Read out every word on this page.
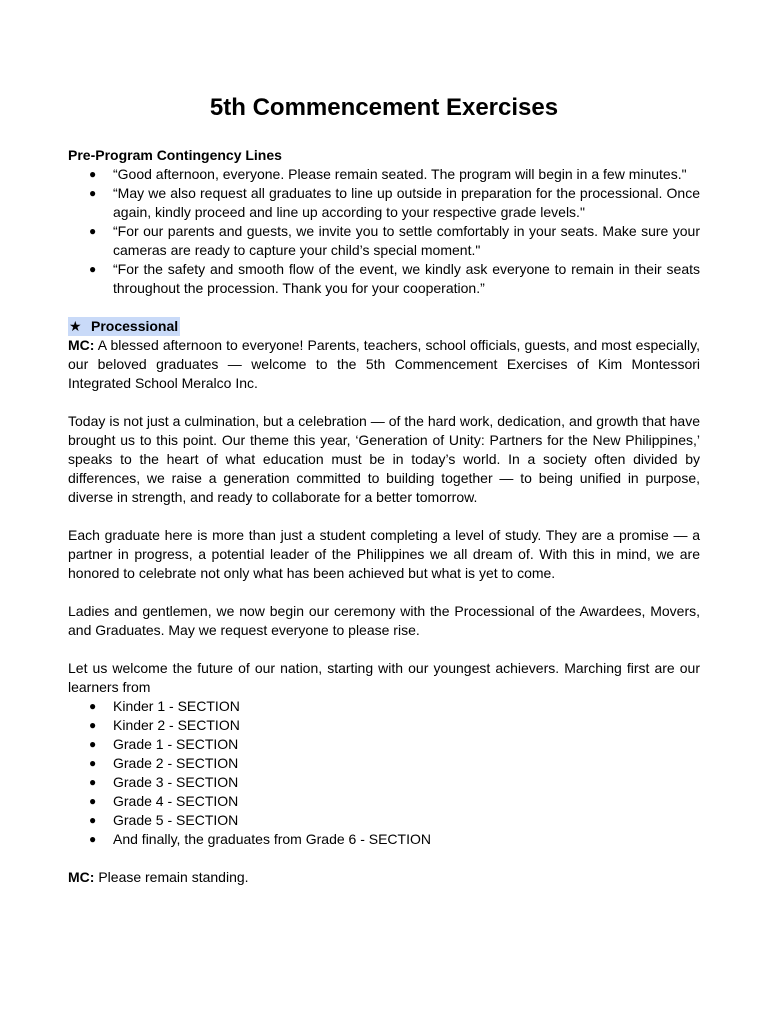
5th Commencement Exercises
Pre-Program Contingency Lines
● “Good afternoon, everyone. Please remain seated. The program will begin in a few minutes."
● “May we also request all graduates to line up outside in preparation for the processional. Once again, kindly proceed and line up according to your respective grade levels."
● “For our parents and guests, we invite you to settle comfortably in your seats. Make sure your cameras are ready to capture your child’s special moment."
● “For the safety and smooth flow of the event, we kindly ask everyone to remain in their seats throughout the procession. Thank you for your cooperation.”
★ Processional

MC: A blessed afternoon to everyone! Parents, teachers, school officials, guests, and most especially, our beloved graduates — welcome to the 5th Commencement Exercises of Kim Montessori Integrated School Meralco Inc.

Today is not just a culmination, but a celebration — of the hard work, dedication, and growth that have brought us to this point. Our theme this year, ‘Generation of Unity: Partners for the New Philippines,’ speaks to the heart of what education must be in today’s world. In a society often divided by differences, we raise a generation committed to building together — to being unified in purpose, diverse in strength, and ready to collaborate for a better tomorrow.

Each graduate here is more than just a student completing a level of study. They are a promise — a partner in progress, a potential leader of the Philippines we all dream of. With this in mind, we are honored to celebrate not only what has been achieved but what is yet to come.

Ladies and gentlemen, we now begin our ceremony with the Processional of the Awardees, Movers, and Graduates. May we request everyone to please rise.

Let us welcome the future of our nation, starting with our youngest achievers. Marching first are our learners from

● Kinder 1 - SECTION
● Kinder 2 - SECTION
● Grade 1 - SECTION
● Grade 2 - SECTION
● Grade 3 - SECTION
● Grade 4 - SECTION
● Grade 5 - SECTION
● And finally, the graduates from Grade 6 - SECTION

MC: Please remain standing.
